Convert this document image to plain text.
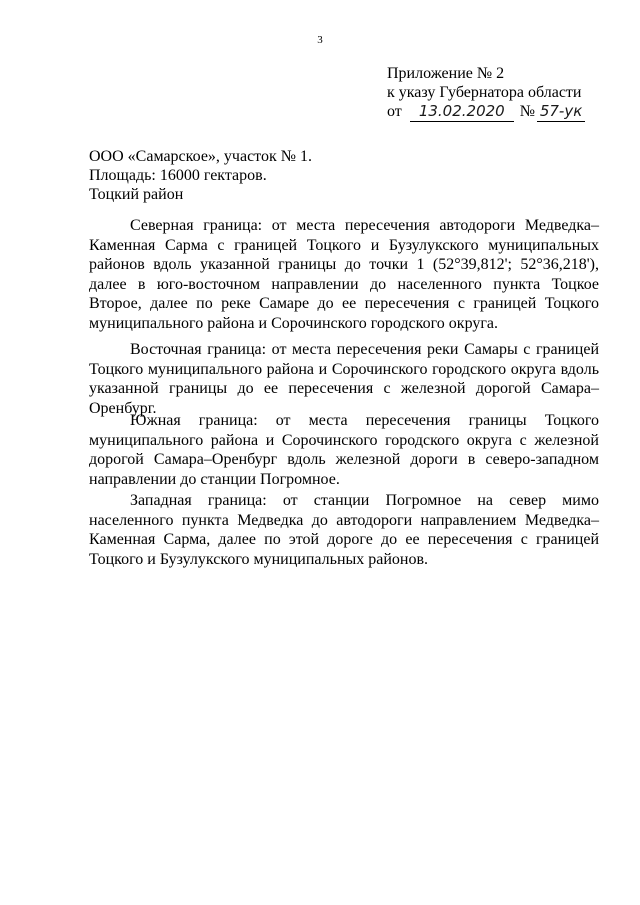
3
Приложение № 2
к указу Губернатора области
от 13.02.2020 № 57-ук
ООО «Самарское», участок № 1.
Площадь: 16000 гектаров.
Тоцкий район

Северная граница: от места пересечения автодороги Медведка–Каменная Сарма с границей Тоцкого и Бузулукского муниципальных районов вдоль указанной границы до точки 1 (52°39,812'; 52°36,218'), далее в юго-восточном направлении до населенного пункта Тоцкое Второе, далее по реке Самаре до ее пересечения с границей Тоцкого муниципального района и Сорочинского городского округа.

Восточная граница: от места пересечения реки Самары с границей Тоцкого муниципального района и Сорочинского городского округа вдоль указанной границы до ее пересечения с железной дорогой Самара–Оренбург.

Южная граница: от места пересечения границы Тоцкого муниципального района и Сорочинского городского округа с железной дорогой Самара–Оренбург вдоль железной дороги в северо-западном направлении до станции Погромное.

Западная граница: от станции Погромное на север мимо населенного пункта Медведка до автодороги направлением Медведка–Каменная Сарма, далее по этой дороге до ее пересечения с границей Тоцкого и Бузулукского муниципальных районов.
